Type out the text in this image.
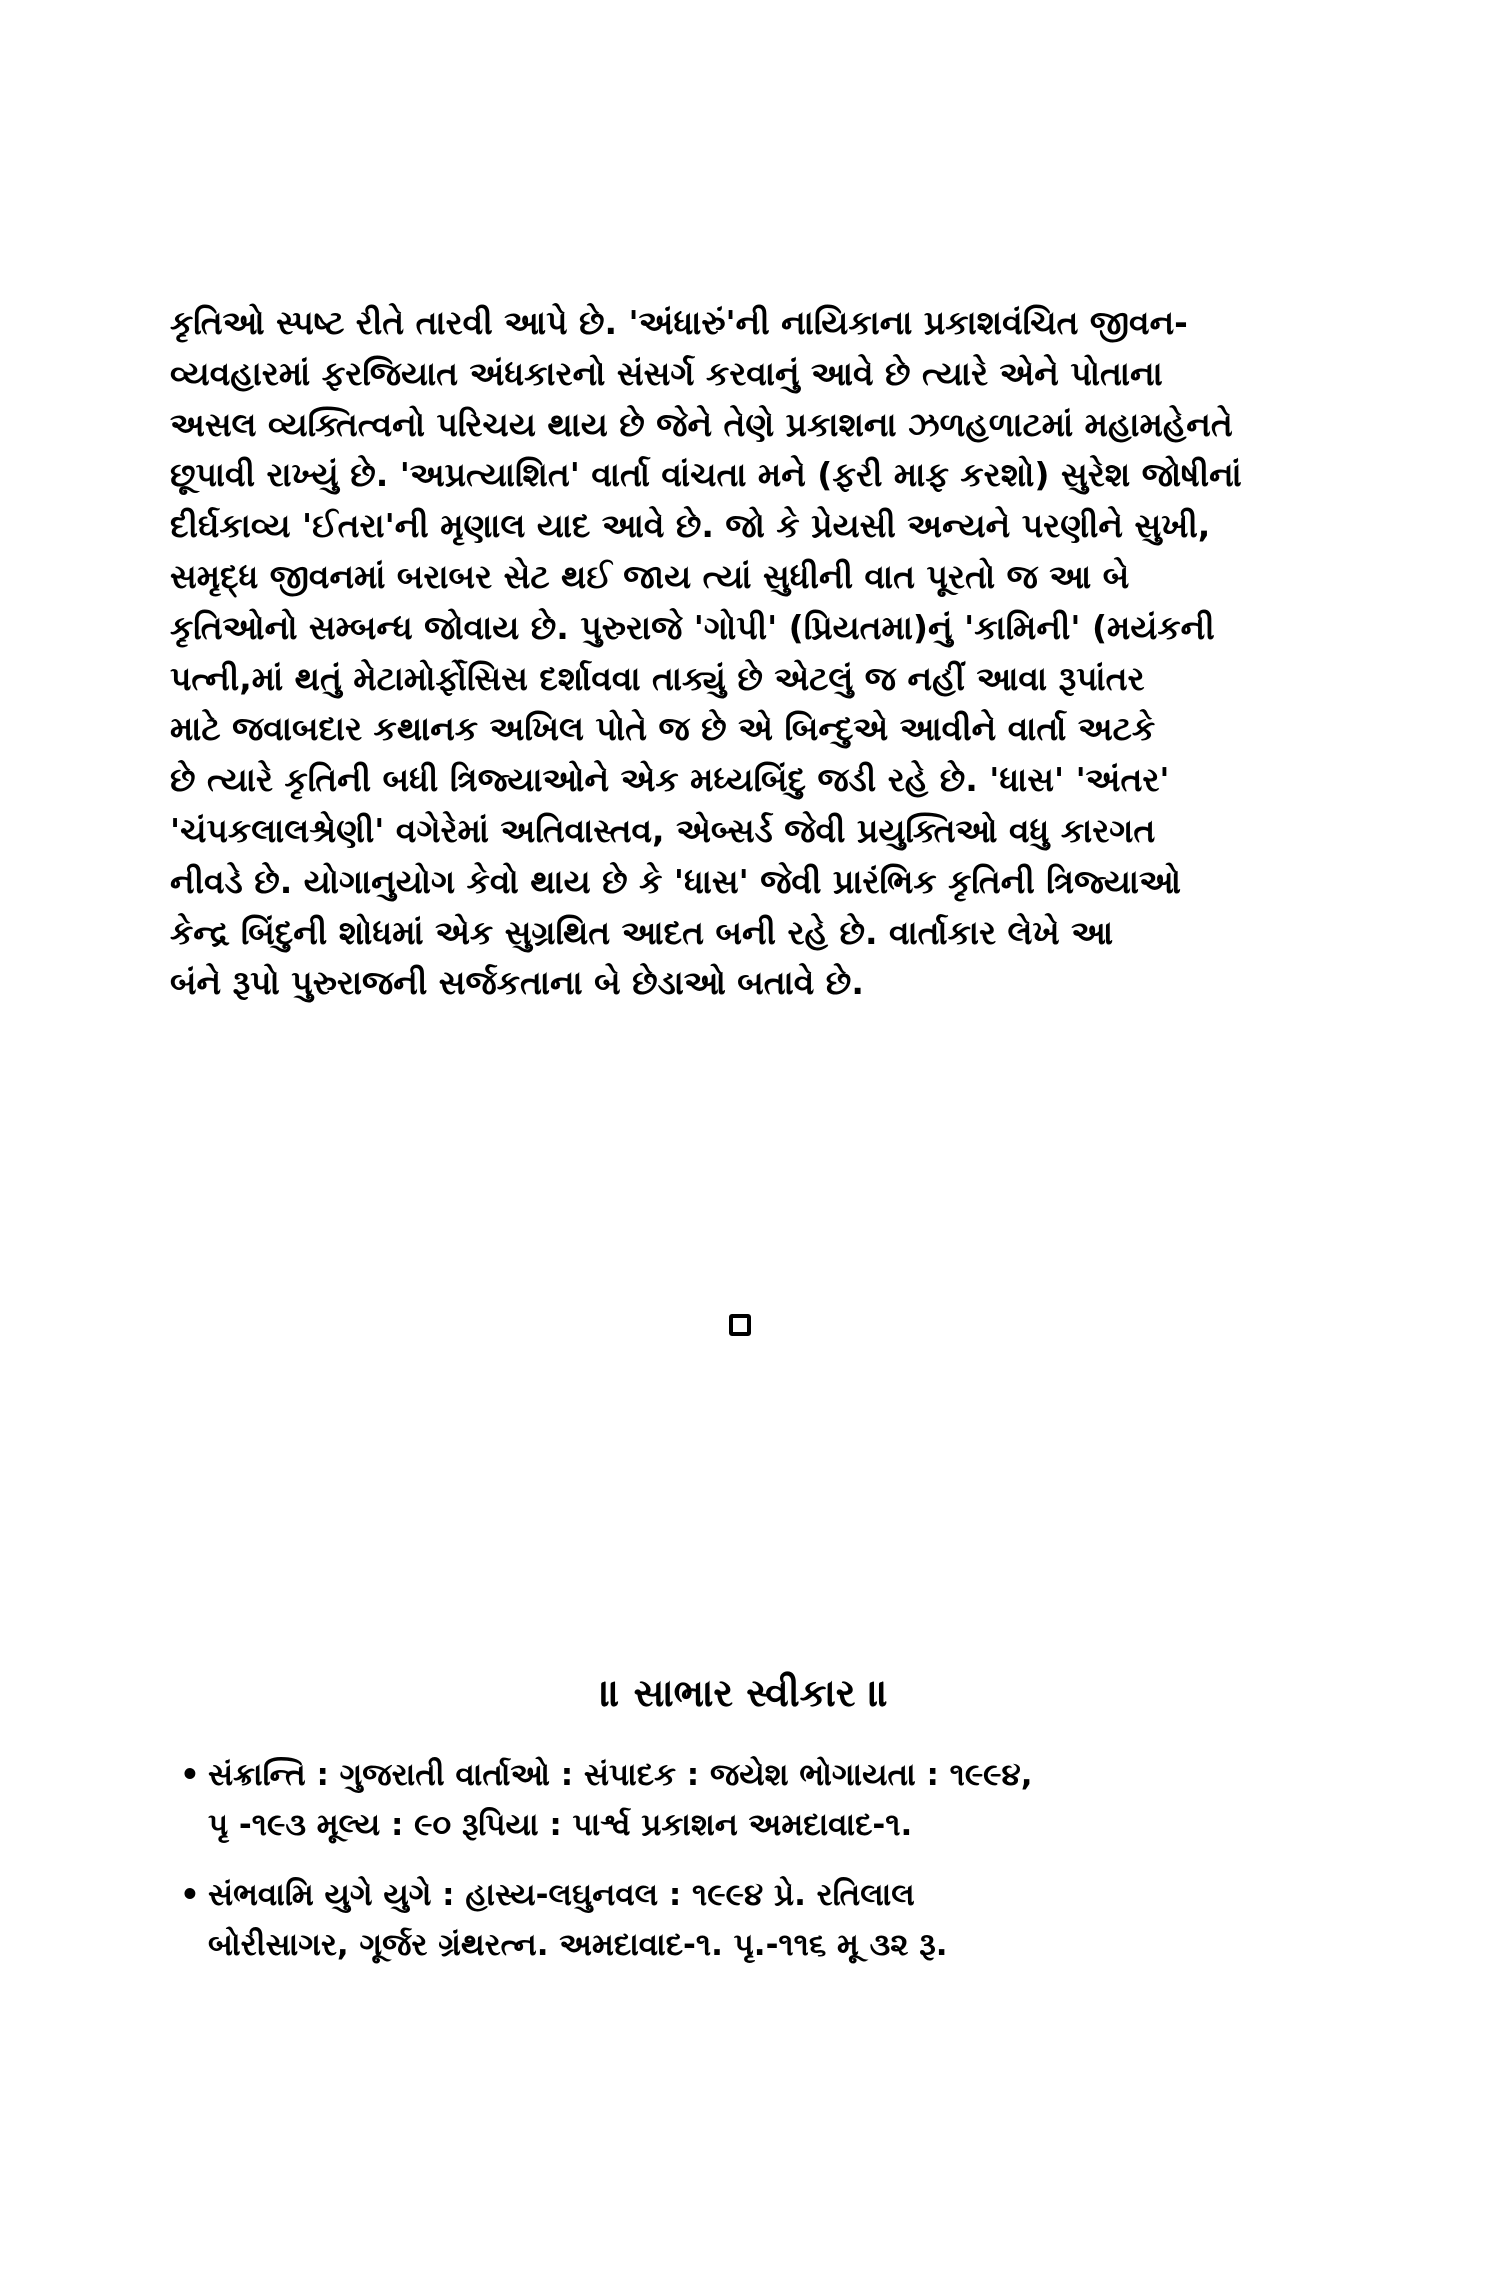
કૃતિઓ સ્પષ્ટ રીતે તારવી આપે છે. 'અંધારું'ની નાયિકાના પ્રકાશવંચિત જીવન-
વ્યવહારમાં ફરજિયાત અંધકારનો સંસર્ગ કરવાનું આવે છે ત્યારે એને પોતાના
અસલ વ્યક્તિત્વનો પરિચય થાય છે જેને તેણે પ્રકાશના ઝળહળાટમાં મહામહેનતે
છૂપાવી રાખ્યું છે. 'અપ્રત્યાશિત' વાર્તા વાંચતા મને (ફરી માફ કરશો) સુરેશ જોષીનાં
દીર્ઘકાવ્ય 'ઈતરા'ની મૃણાલ યાદ આવે છે. જો કે પ્રેયસી અન્યને પરણીને સુખી,
સમૃદ્ધ જીવનમાં બરાબર સેટ થઈ જાય ત્યાં સુધીની વાત પૂરતો જ આ બે
કૃતિઓનો સમ્બન્ધ જોવાય છે. પુરુરાજે 'ગોપી' (પ્રિયતમા)નું 'કામિની' (મયંકની
પત્ની,માં થતું મેટામોર્ફોસિસ દર્શાવવા તાક્યું છે એટલું જ નહીં આવા રૂપાંતર
માટે જવાબદાર કથાનક અખિલ પોતે જ છે એ બિન્દુએ આવીને વાર્તા અટકે
છે ત્યારે કૃતિની બધી ત્રિજ્યાઓને એક મધ્યબિંદુ જડી રહે છે. 'ધાસ' 'અંતર'
'ચંપકલાલશ્રેણી' વગેરેમાં અતિવાસ્તવ, એબ્સર્ડ જેવી પ્રયુક્તિઓ વધુ કારગત
નીવડે છે. યોગાનુયોગ કેવો થાય છે કે 'ધાસ' જેવી પ્રારંભિક કૃતિની ત્રિજ્યાઓ
કેન્દ્ર બિંદુની શોધમાં એક સુગ્રથિત આદત બની રહે છે. વાર્તાકાર લેખે આ
બંને રૂપો પુરુરાજની સર્જકતાના બે છેડાઓ બતાવે છે.
॥ સાભાર સ્વીકાર ॥
• સંક્રાન્તિ : ગુજરાતી વાર્તાઓ : સંપાદક : જયેશ ભોગાયતા : ૧૯૯૪,
પૃ -૧૯૩ મૂલ્ય : ૯૦ રૂપિયા : પાર્શ્વ પ્રકાશન અમદાવાદ-૧.
• સંભવામિ યુગે યુગે : હાસ્ય-લઘુનવલ : ૧૯૯૪ પ્રે. રતિલાલ
બોરીસાગર, ગૂર્જર ગ્રંથરત્ન. અમદાવાદ-૧. પૃ.-૧૧૬ મૂ ૩૨ રૂ.
